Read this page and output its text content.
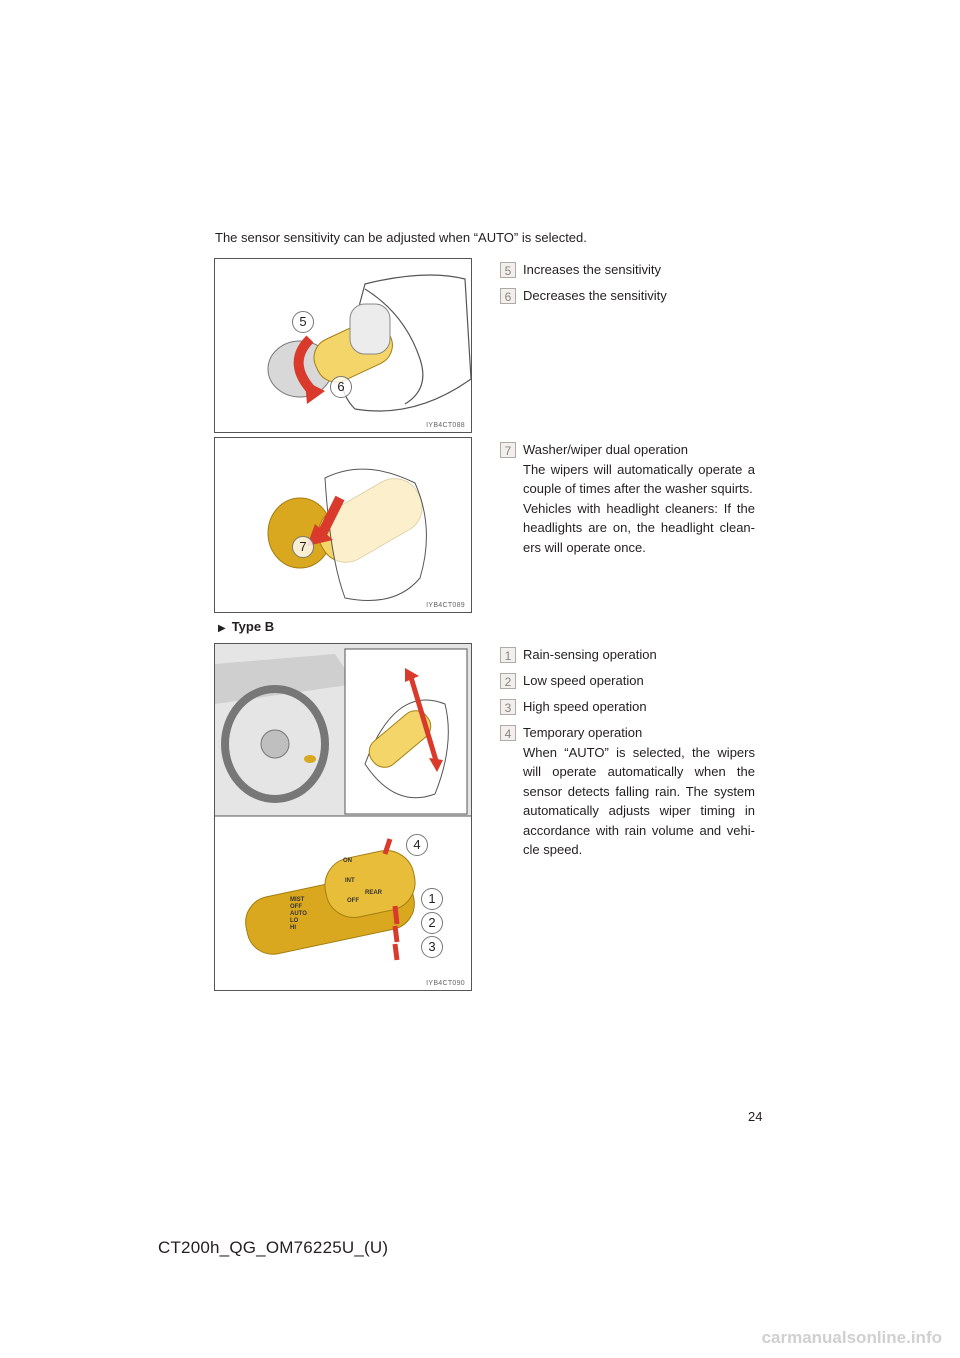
The sensor sensitivity can be adjusted when “AUTO” is selected.
5
6
IYB4CT088
7
IYB4CT089
MIST
OFF
AUTO
LO
HI
ON
INT
OFF
REAR
4
1
2
3
IYB4CT090
5 Increases the sensitivity
6 Decreases the sensitivity
7 Washer/wiper dual operation
The wipers will automatically operate a couple of times after the washer squirts.
Vehicles with headlight cleaners: If the headlights are on, the headlight clean ers will operate once.
▶ Type B
1 Rain-sensing operation
2 Low speed operation
3 High speed operation
4 Temporary operation
When “AUTO” is selected, the wipers will operate automatically when the sensor detects falling rain. The system automatically adjusts wiper timing in accordance with rain volume and vehi cle speed.
24
CT200h_QG_OM76225U_(U)
carmanualsonline.info
